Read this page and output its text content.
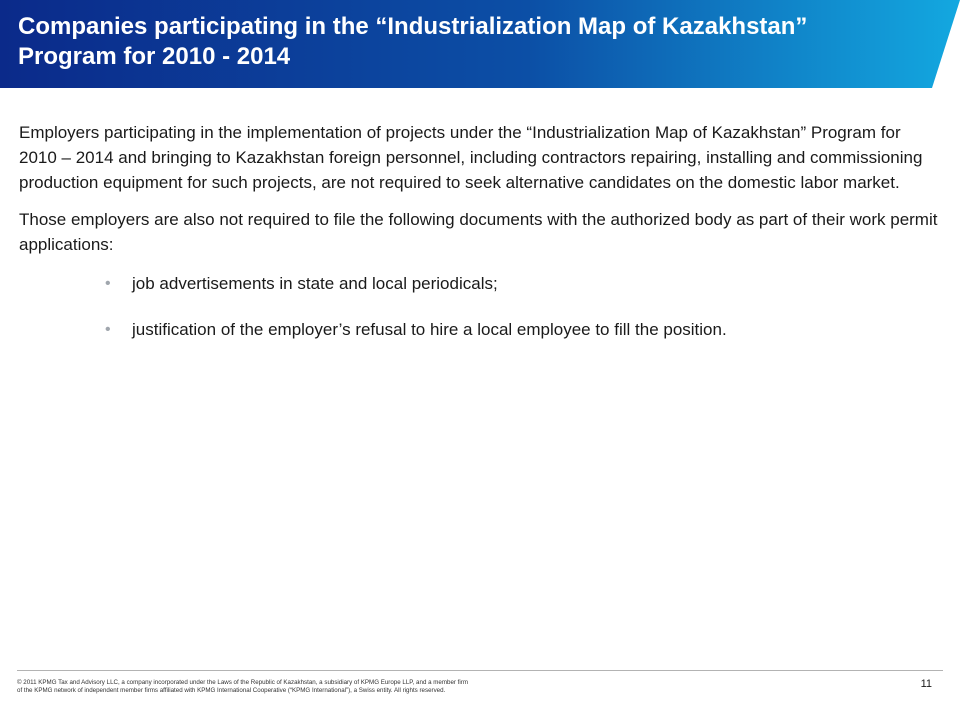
Companies participating in the “Industrialization Map of Kazakhstan”
Program for 2010 - 2014

Employers participating in the implementation of projects under the “Industrialization Map of Kazakhstan” Program for 2010 – 2014 and bringing to Kazakhstan foreign personnel, including contractors repairing, installing and commissioning production equipment for such projects, are not required to seek alternative candidates on the domestic labor market.

Those employers are also not required to file the following documents with the authorized body as part of their work permit applications:

• job advertisements in state and local periodicals;
• justification of the employer’s refusal to hire a local employee to fill the position.
© 2011 KPMG Tax and Advisory LLC, a company incorporated under the Laws of the Republic of Kazakhstan, a subsidiary of KPMG Europe LLP, and a member firm
of the KPMG network of independent member firms affiliated with KPMG International Cooperative (“KPMG International”), a Swiss entity. All rights reserved.
11
